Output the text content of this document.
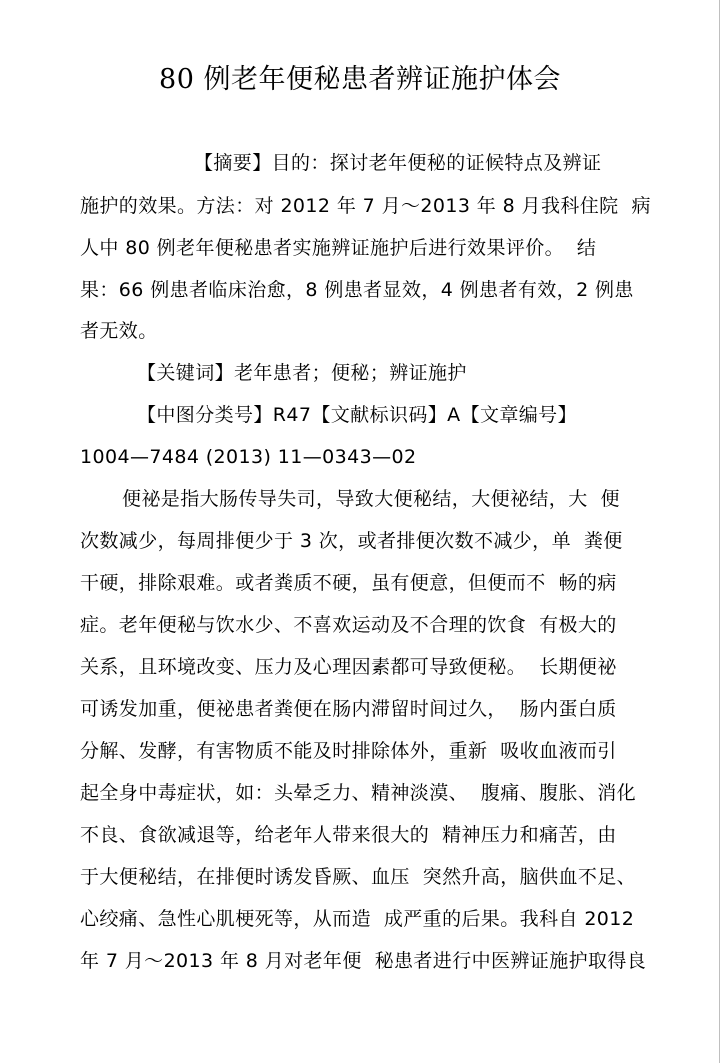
80 例老年便秘患者辨证施护体会
【摘要】目的：探讨老年便秘的证候特点及辨证
施护的效果。方法：对 2012 年 7 月～2013 年 8 月我科住院  病
人中 80 例老年便秘患者实施辨证施护后进行效果评价。  结
果：66 例患者临床治愈，8 例患者显效，4 例患者有效，2 例患
者无效。
【关键词】老年患者；便秘；辨证施护
【中图分类号】R47【文献标识码】A【文章编号】
1004—7484 (2013) 11—0343—02
便祕是指大肠传导失司，导致大便秘结，大便祕结，大  便
次数减少，每周排便少于 3 次，或者排便次数不减少，单  粪便
干硬，排除艰难。或者粪质不硬，虽有便意，但便而不  畅的病
症。老年便秘与饮水少、不喜欢运动及不合理的饮食  有极大的
关系，且环境改变、压力及心理因素都可导致便秘。  长期便祕
可诱发加重，便祕患者粪便在肠内滞留时间过久，  肠内蛋白质
分解、发酵，有害物质不能及时排除体外，重新  吸收血液而引
起全身中毒症状，如：头晕乏力、精神淡漠、  腹痛、腹胀、消化
不良、食欲减退等，给老年人带来很大的  精神压力和痛苦，由
于大便秘结，在排便时诱发昏厥、血压  突然升高，脑供血不足、
心绞痛、急性心肌梗死等，从而造  成严重的后果。我科自 2012
年 7 月～2013 年 8 月对老年便  秘患者进行中医辨证施护取得良
